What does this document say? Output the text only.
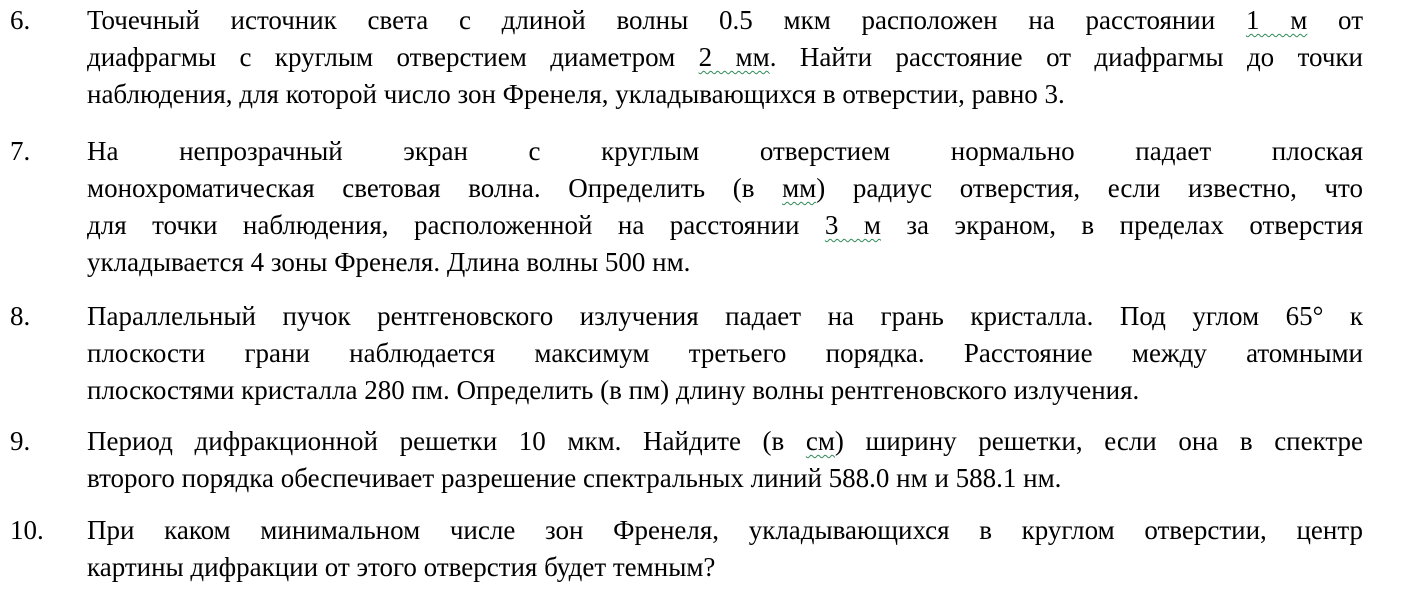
6. Точечный источник света с длиной волны 0.5 мкм расположен на расстоянии 1 м от
диафрагмы с круглым отверстием диаметром 2 мм. Найти расстояние от диафрагмы до точки
наблюдения, для которой число зон Френеля, укладывающихся в отверстии, равно 3.
7. На непрозрачный экран с круглым отверстием нормально падает плоская
монохроматическая световая волна. Определить (в мм) радиус отверстия, если известно, что
для точки наблюдения, расположенной на расстоянии 3 м за экраном, в пределах отверстия
укладывается 4 зоны Френеля. Длина волны 500 нм.
8. Параллельный пучок рентгеновского излучения падает на грань кристалла. Под углом 65° к
плоскости грани наблюдается максимум третьего порядка. Расстояние между атомными
плоскостями кристалла 280 пм. Определить (в пм) длину волны рентгеновского излучения.
9. Период дифракционной решетки 10 мкм. Найдите (в см) ширину решетки, если она в спектре
второго порядка обеспечивает разрешение спектральных линий 588.0 нм и 588.1 нм.
10. При каком минимальном числе зон Френеля, укладывающихся в круглом отверстии, центр
картины дифракции от этого отверстия будет темным?
